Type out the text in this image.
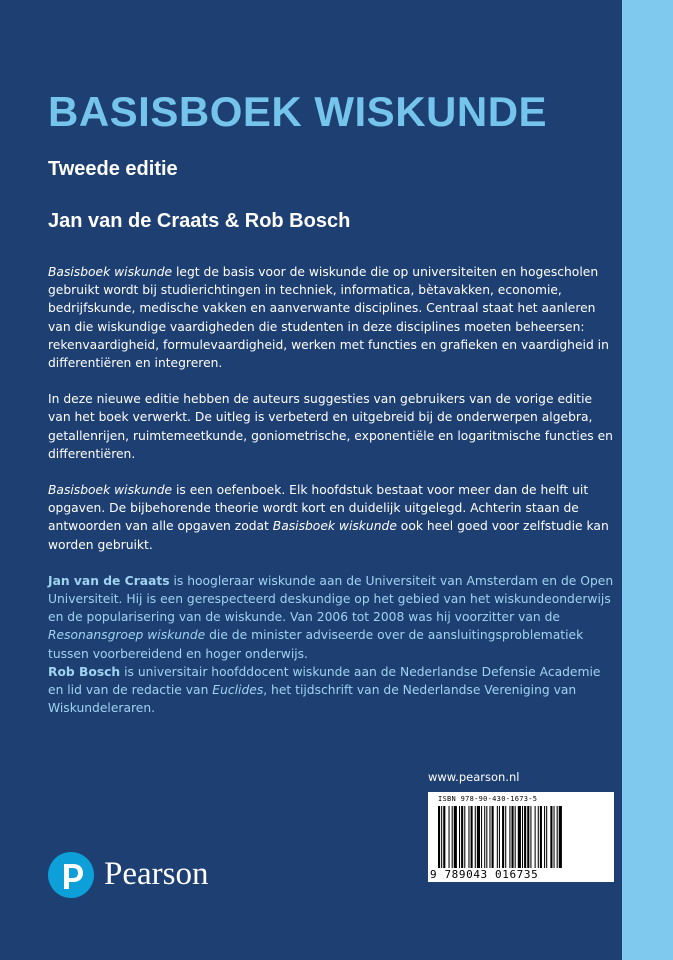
BASISBOEK WISKUNDE
Tweede editie
Jan van de Craats & Rob Bosch

Basisboek wiskunde legt de basis voor de wiskunde die op universiteiten en hogescholen gebruikt wordt bij studierichtingen in techniek, informatica, bètavakken, economie, bedrijfskunde, medische vakken en aanverwante disciplines. Centraal staat het aanleren van die wiskundige vaardigheden die studenten in deze disciplines moeten beheersen: rekenvaardigheid, formulevaardigheid, werken met functies en grafieken en vaardigheid in differentiëren en integreren.

In deze nieuwe editie hebben de auteurs suggesties van gebruikers van de vorige editie van het boek verwerkt. De uitleg is verbeterd en uitgebreid bij de onderwerpen algebra, getallenrijen, ruimtemeetkunde, goniometrische, exponentiële en logaritmische functies en differentiëren.

Basisboek wiskunde is een oefenboek. Elk hoofdstuk bestaat voor meer dan de helft uit opgaven. De bijbehorende theorie wordt kort en duidelijk uitgelegd. Achterin staan de antwoorden van alle opgaven zodat Basisboek wiskunde ook heel goed voor zelfstudie kan worden gebruikt.

Jan van de Craats is hoogleraar wiskunde aan de Universiteit van Amsterdam en de Open Universiteit. Hij is een gerespecteerd deskundige op het gebied van het wiskundeonderwijs en de popularisering van de wiskunde. Van 2006 tot 2008 was hij voorzitter van de Resonansgroep wiskunde die de minister adviseerde over de aansluitingsproblematiek tussen voorbereidend en hoger onderwijs.

Rob Bosch is universitair hoofddocent wiskunde aan de Nederlandse Defensie Academie en lid van de redactie van Euclides, het tijdschrift van de Nederlandse Vereniging van Wiskundeleraren.

www.pearson.nl
ISBN 978-90-430-1673-5
9 789043 016735
Pearson
